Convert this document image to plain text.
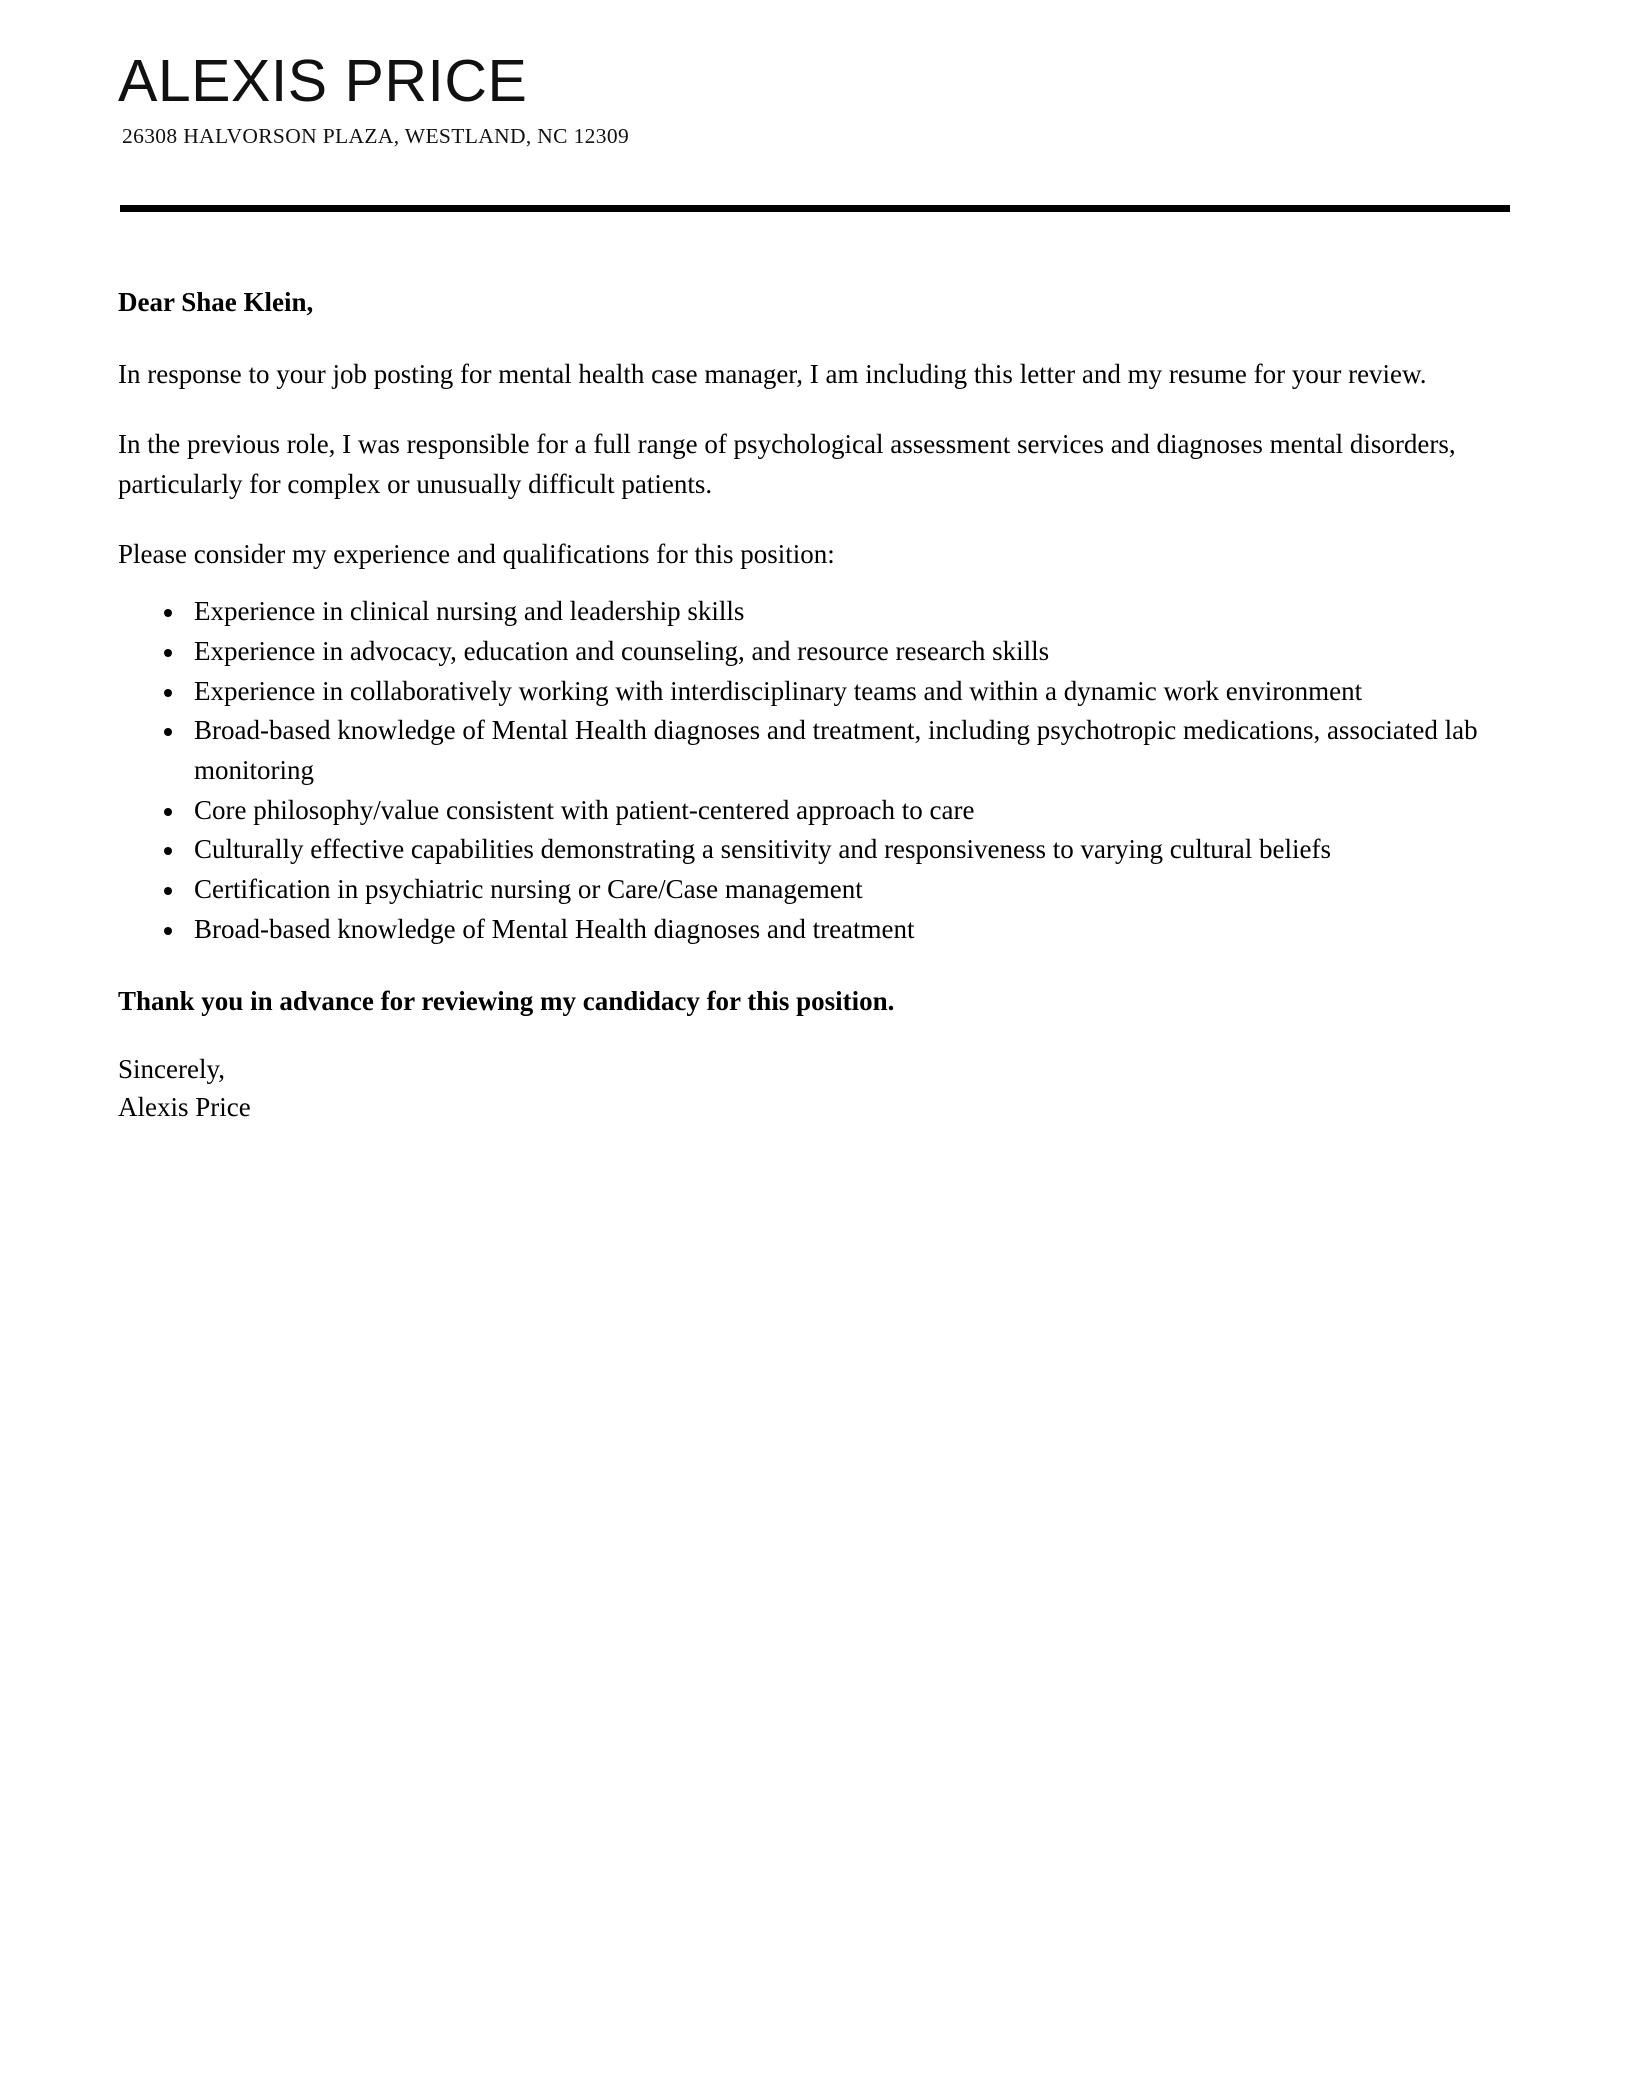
ALEXIS PRICE
26308 HALVORSON PLAZA, WESTLAND, NC 12309

Dear Shae Klein,

In response to your job posting for mental health case manager, I am including this letter and my resume for your review.

In the previous role, I was responsible for a full range of psychological assessment services and diagnoses mental disorders, particularly for complex or unusually difficult patients.

Please consider my experience and qualifications for this position:

Experience in clinical nursing and leadership skills
Experience in advocacy, education and counseling, and resource research skills
Experience in collaboratively working with interdisciplinary teams and within a dynamic work environment
Broad-based knowledge of Mental Health diagnoses and treatment, including psychotropic medications, associated lab monitoring
Core philosophy/value consistent with patient-centered approach to care
Culturally effective capabilities demonstrating a sensitivity and responsiveness to varying cultural beliefs
Certification in psychiatric nursing or Care/Case management
Broad-based knowledge of Mental Health diagnoses and treatment

Thank you in advance for reviewing my candidacy for this position.

Sincerely,
Alexis Price
